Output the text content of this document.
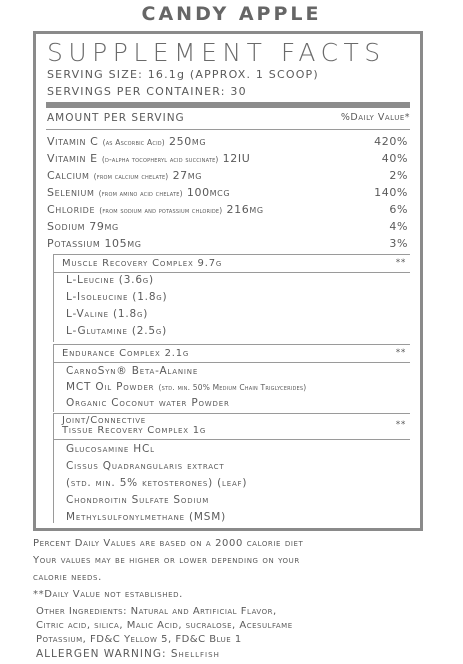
CANDY APPLE
SUPPLEMENT FACTS
SERVING SIZE: 16.1g (APPROX. 1 SCOOP)
SERVINGS PER CONTAINER: 30
AMOUNT PER SERVING	%Daily Value*
Vitamin C (as Ascorbic Acid) 250mg	420%
Vitamin E (d-alpha tocopheryl acid succinate) 12IU	40%
Calcium (from calcium chelate) 27mg	2%
Selenium (from amino acid chelate) 100mcg	140%
Chloride (from sodium and potassium chloride) 216mg	6%
Sodium 79mg	4%
Potassium 105mg	3%
Muscle Recovery Complex 9.7g	**
L-Leucine (3.6g)
L-Isoleucine (1.8g)
L-Valine (1.8g)
L-Glutamine (2.5g)
Endurance Complex 2.1g	**
CarnoSyn® Beta-Alanine
MCT Oil Powder (std. min. 50% Medium Chain Triglycerides)
Organic Coconut water Powder
Joint/Connective
Tissue Recovery Complex 1g	**
Glucosamine HCl
Cissus Quadrangularis extract
(std. min. 5% ketosterones) (leaf)
Chondroitin Sulfate Sodium
Methylsulfonylmethane (MSM)
Percent Daily Values are based on a 2000 calorie diet
Your values may be higher or lower depending on your
calorie needs.
**Daily Value not established.
Other Ingredients: Natural and Artificial Flavor,
Citric acid, silica, Malic Acid, sucralose, Acesulfame
Potassium, FD&C Yellow 5, FD&C Blue 1
ALLERGEN WARNING: Shellfish
